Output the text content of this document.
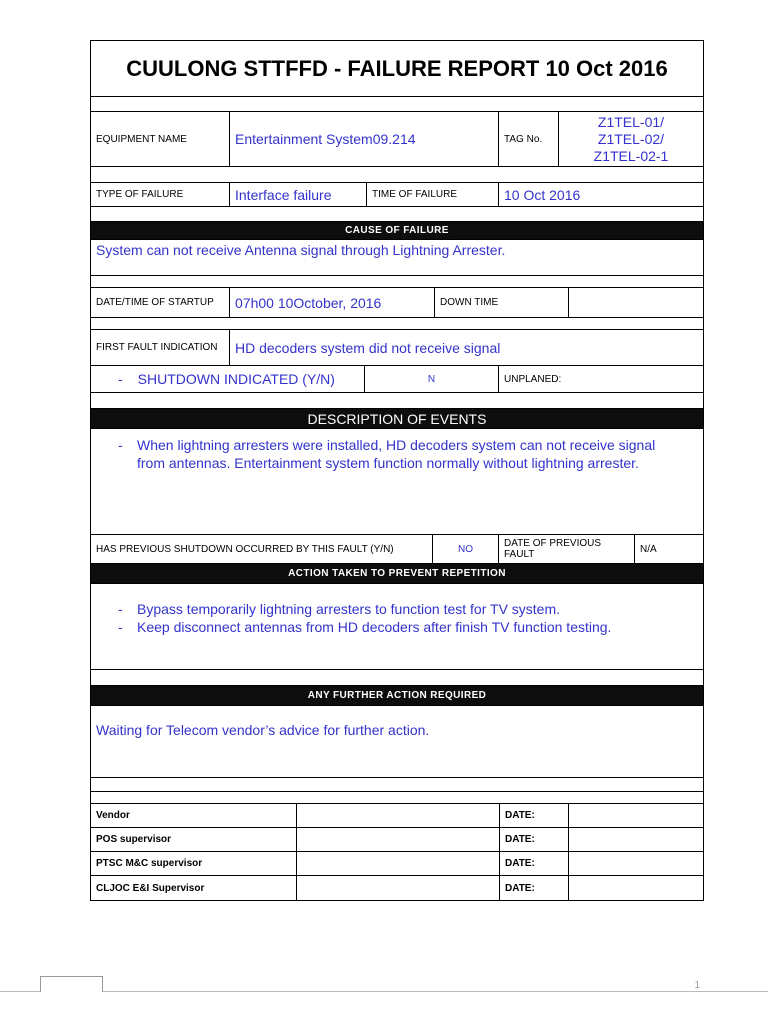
CUULONG STTFFD - FAILURE REPORT 10 Oct 2016
EQUIPMENT NAME	Entertainment System09.214	TAG No.
Z1TEL-01/
Z1TEL-02/
Z1TEL-02-1
TYPE OF FAILURE	Interface failure	TIME OF FAILURE	10 Oct 2016
CAUSE OF FAILURE
System can not receive Antenna signal through Lightning Arrester.
DATE/TIME OF STARTUP 07h00 10October, 2016	DOWN TIME
FIRST FAULT INDICATION HD decoders system did not receive signal
- SHUTDOWN INDICATED (Y/N)	N	UNPLANED:
DESCRIPTION OF EVENTS
- When lightning arresters were installed, HD decoders system can not receive signal from antennas. Entertainment system function normally without lightning arrester.
HAS PREVIOUS SHUTDOWN OCCURRED BY THIS FAULT (Y/N)	NO	DATE OF PREVIOUS FAULT	N/A
ACTION TAKEN TO PREVENT REPETITION
- Bypass temporarily lightning arresters to function test for TV system.
- Keep disconnect antennas from HD decoders after finish TV function testing.
ANY FURTHER ACTION REQUIRED
Waiting for Telecom vendor’s advice for further action.
Vendor	DATE:
POS supervisor	DATE:
PTSC M&C supervisor	DATE:
CLJOC E&I Supervisor	DATE:
1
